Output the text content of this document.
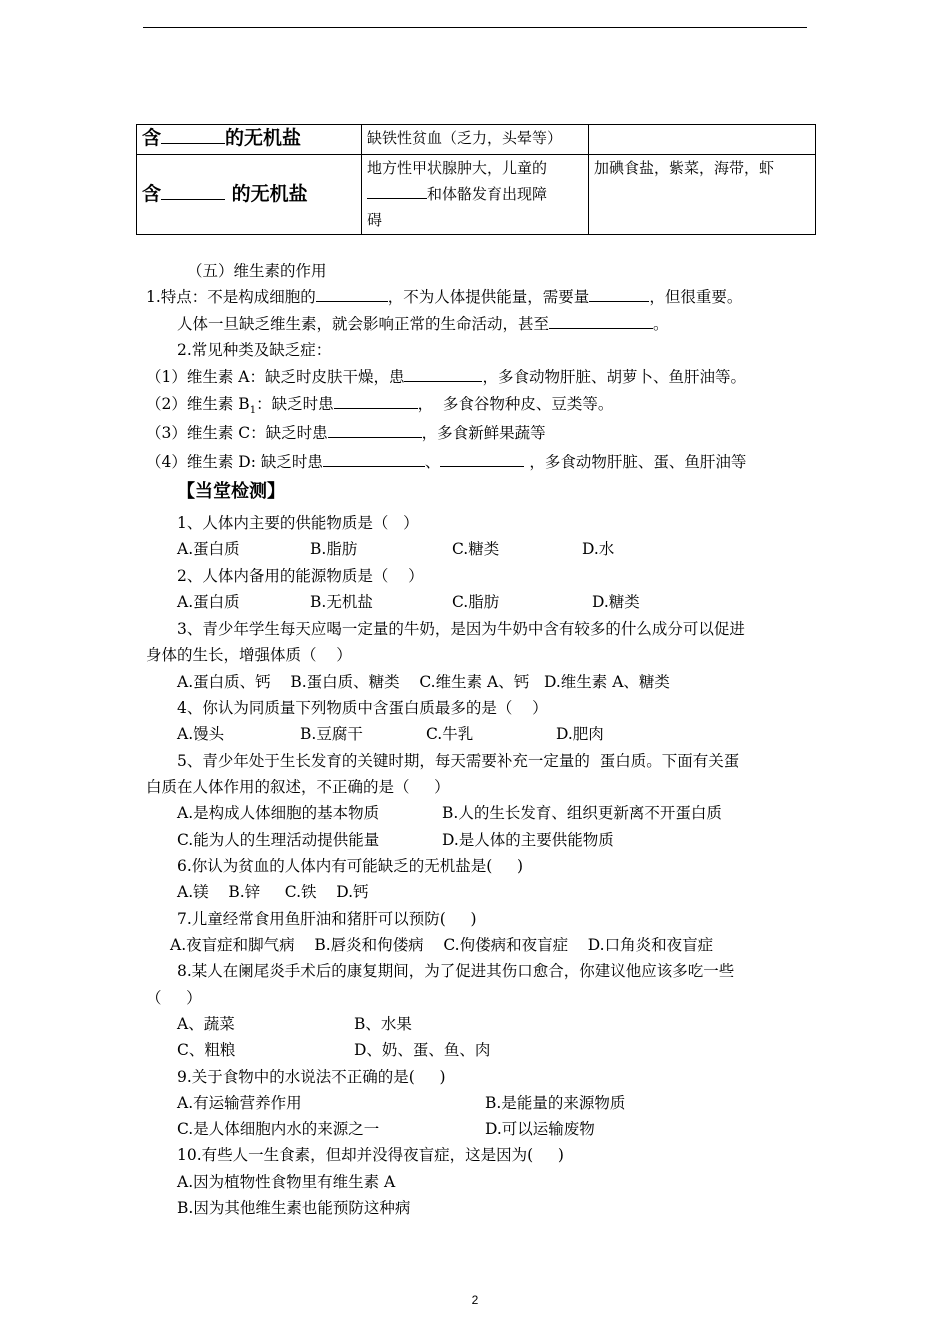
含 的无机盐	缺铁性贫血（乏力，头晕等）	
含 的无机盐	地方性甲状腺肿大，儿童的
和体骼发育出现障
碍	加碘食盐，紫菜，海带，虾
（五）维生素的作用
1.特点：不是构成细胞的	，不为人体提供能量，需要量	，但很重要。
人体一旦缺乏维生素，就会影响正常的生命活动，甚至	。
2.常见种类及缺乏症：
（1）维生素 A：缺乏时皮肤干燥，患	，多食动物肝脏、胡萝卜、鱼肝油等。
（2）维生素 $B_1$：缺乏时患	，  多食谷物种皮、豆类等。
（3）维生素 C：缺乏时患	，多食新鲜果蔬等
（4）维生素 D: 缺乏时患	、	，多食动物肝脏、蛋、鱼肝油等
【当堂检测】
1、人体内主要的供能物质是（   ）
A.蛋白质	B.脂肪	C.糖类	D.水
2、人体内备用的能源物质是（    ）
A.蛋白质	B.无机盐	C.脂肪	D.糖类
3、青少年学生每天应喝一定量的牛奶，是因为牛奶中含有较多的什么成分可以促进
身体的生长，增强体质（    ）
A.蛋白质、钙    B.蛋白质、糖类    C.维生素 A、钙   D.维生素 A、糖类
4、你认为同质量下列物质中含蛋白质最多的是（    ）
A.馒头	B.豆腐干	C.牛乳	D.肥肉
5、青少年处于生长发育的关键时期，每天需要补充一定量的  蛋白质。下面有关蛋
白质在人体作用的叙述，不正确的是（     ）
A.是构成人体细胞的基本物质	B.人的生长发育、组织更新离不开蛋白质
C.能为人的生理活动提供能量	D.是人体的主要供能物质
6.你认为贫血的人体内有可能缺乏的无机盐是(     )
A.镁    B.锌     C.铁    D.钙
7.儿童经常食用鱼肝油和猪肝可以预防(     )
A.夜盲症和脚气病    B.唇炎和佝偻病    C.佝偻病和夜盲症    D.口角炎和夜盲症
8.某人在阑尾炎手术后的康复期间，为了促进其伤口愈合，你建议他应该多吃一些
（     ）
A、蔬菜	B、水果
C、粗粮	D、奶、蛋、鱼、肉
9.关于食物中的水说法不正确的是(     )
A.有运输营养作用	B.是能量的来源物质
C.是人体细胞内水的来源之一	D.可以运输废物
10.有些人一生食素，但却并没得夜盲症，这是因为(     )
A.因为植物性食物里有维生素 A
B.因为其他维生素也能预防这种病
2
